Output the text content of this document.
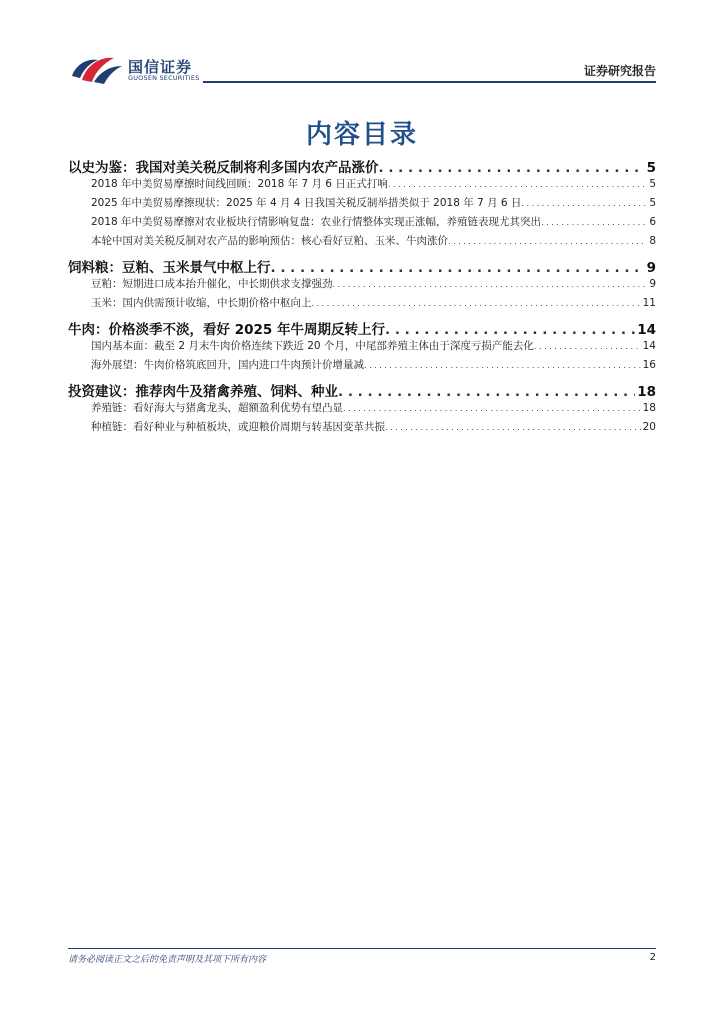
国信证券
GUOSEN SECURITIES	证券研究报告
内容目录
以史为鉴：我国对美关税反制将利多国内农产品涨价 . . .	5
2018 年中美贸易摩擦时间线回顾：2018 年 7 月 6 日正式打响 . . .	5
2025 年中美贸易摩擦现状：2025 年 4 月 4 日我国关税反制举措类似于 2018 年 7 月 6 日 . . .	5
2018 年中美贸易摩擦对农业板块行情影响复盘：农业行情整体实现正涨幅，养殖链表现尤其突出 . . .	6
本轮中国对美关税反制对农产品的影响预估：核心看好豆粕、玉米、牛肉涨价 . . .	8
饲料粮：豆粕、玉米景气中枢上行 . . .	9
豆粕：短期进口成本抬升催化，中长期供求支撑强劲 . . .	9
玉米：国内供需预计收缩，中长期价格中枢向上 . . .	11
牛肉：价格淡季不淡，看好 2025 年牛周期反转上行 . . .	14
国内基本面：截至 2 月末牛肉价格连续下跌近 20 个月，中尾部养殖主体由于深度亏损产能去化 . . .	14
海外展望：牛肉价格筑底回升，国内进口牛肉预计价增量减 . . .	16
投资建议：推荐肉牛及猪禽养殖、饲料、种业 . . .	18
养殖链：看好海大与猪禽龙头，超额盈利优势有望凸显 . . .	18
种植链：看好种业与种植板块，或迎粮价周期与转基因变革共振 . . .	20
请务必阅读正文之后的免责声明及其项下所有内容	2
